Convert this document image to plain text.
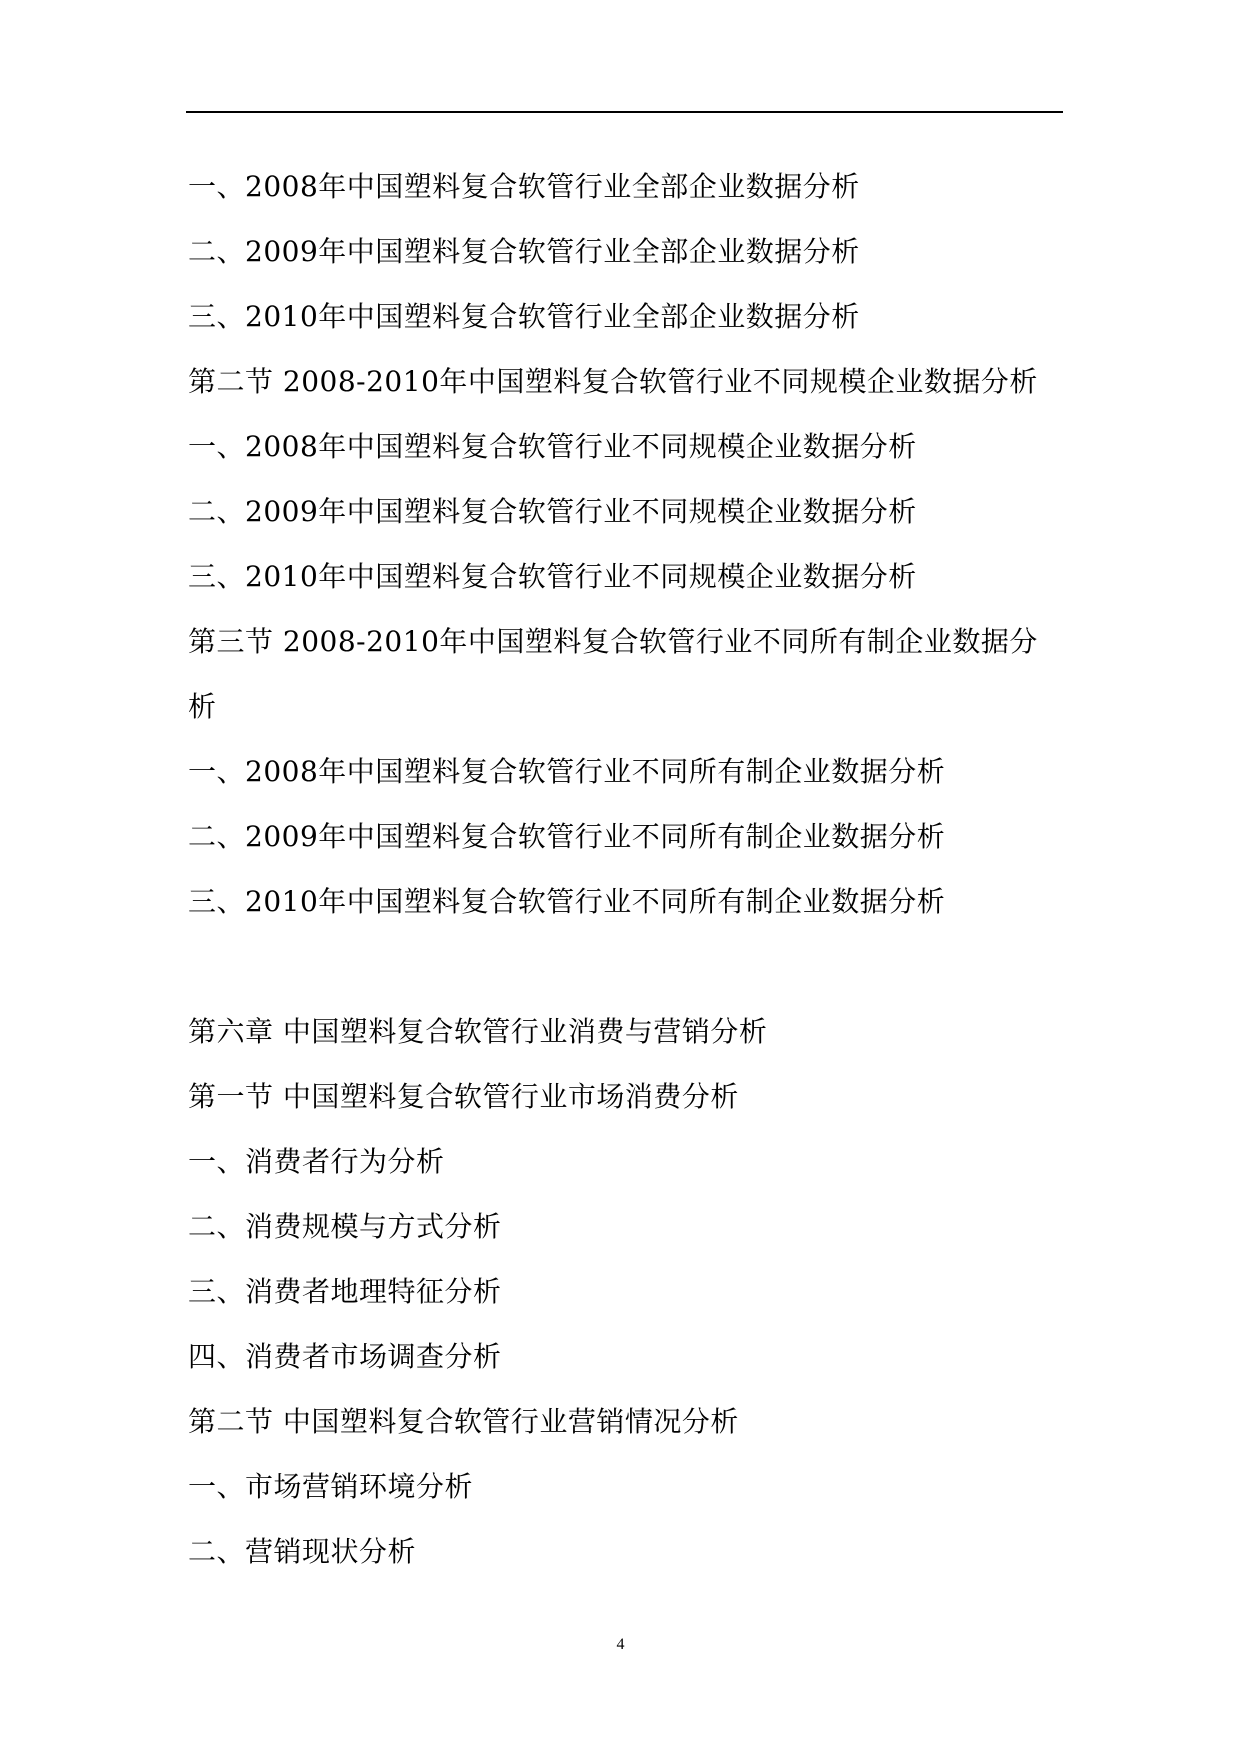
一、2008年中国塑料复合软管行业全部企业数据分析
二、2009年中国塑料复合软管行业全部企业数据分析
三、2010年中国塑料复合软管行业全部企业数据分析
第二节 2008-2010年中国塑料复合软管行业不同规模企业数据分析
一、2008年中国塑料复合软管行业不同规模企业数据分析
二、2009年中国塑料复合软管行业不同规模企业数据分析
三、2010年中国塑料复合软管行业不同规模企业数据分析
第三节 2008-2010年中国塑料复合软管行业不同所有制企业数据分
析
一、2008年中国塑料复合软管行业不同所有制企业数据分析
二、2009年中国塑料复合软管行业不同所有制企业数据分析
三、2010年中国塑料复合软管行业不同所有制企业数据分析
第六章 中国塑料复合软管行业消费与营销分析
第一节 中国塑料复合软管行业市场消费分析
一、消费者行为分析
二、消费规模与方式分析
三、消费者地理特征分析
四、消费者市场调查分析
第二节 中国塑料复合软管行业营销情况分析
一、市场营销环境分析
二、营销现状分析
4
